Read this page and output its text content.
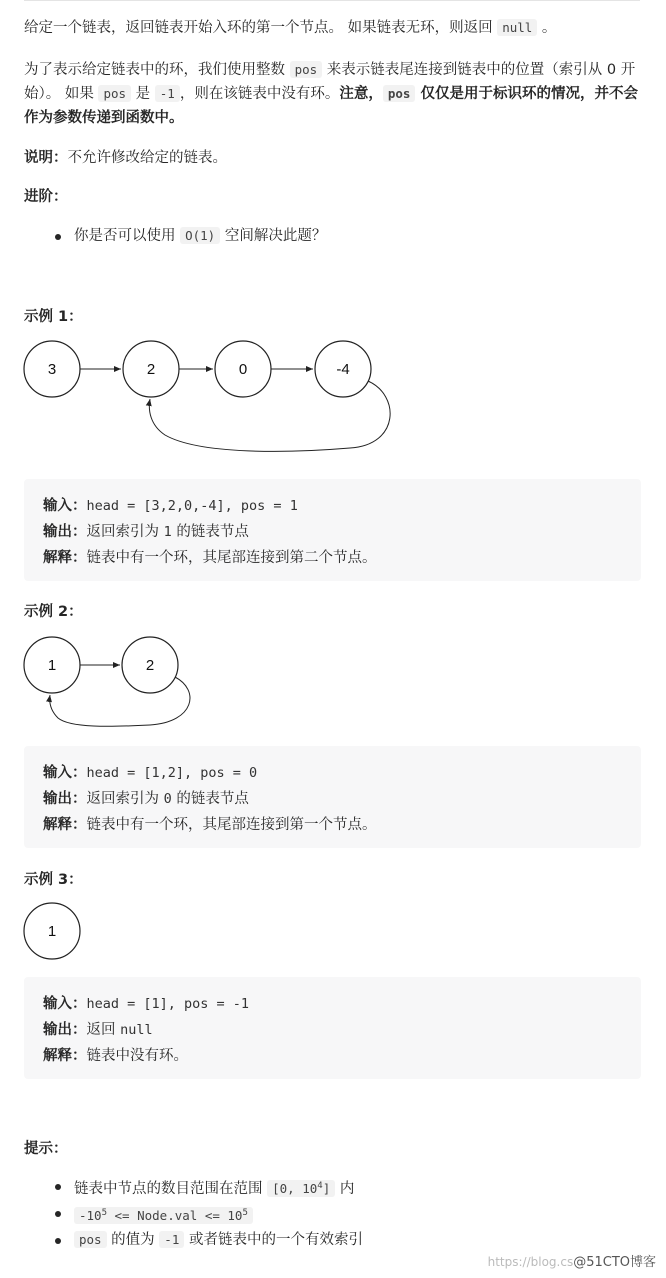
给定一个链表，返回链表开始入环的第一个节点。 如果链表无环，则返回 null 。
为了表示给定链表中的环，我们使用整数 pos 来表示链表尾连接到链表中的位置（索引从 0 开始）。 如果 pos 是 -1 ，则在该链表中没有环。注意， pos 仅仅是用于标识环的情况，并不会作为参数传递到函数中。
说明：不允许修改给定的链表。
进阶：
你是否可以使用 O(1) 空间解决此题？
示例 1：
3	2	0	-4
输入：head = [3,2,0,-4], pos = 1
输出：返回索引为 1 的链表节点
解释：链表中有一个环，其尾部连接到第二个节点。
示例 2：
1	2
输入：head = [1,2], pos = 0
输出：返回索引为 0 的链表节点
解释：链表中有一个环，其尾部连接到第一个节点。
示例 3：
1
输入：head = [1], pos = -1
输出：返回 null
解释：链表中没有环。
提示：
链表中节点的数目范围在范围 [0, $10^4$] 内
$-10^5$ <= Node.val <= $10^5$
pos 的值为 -1 或者链表中的一个有效索引
https://blog.cs@51CTO博客
